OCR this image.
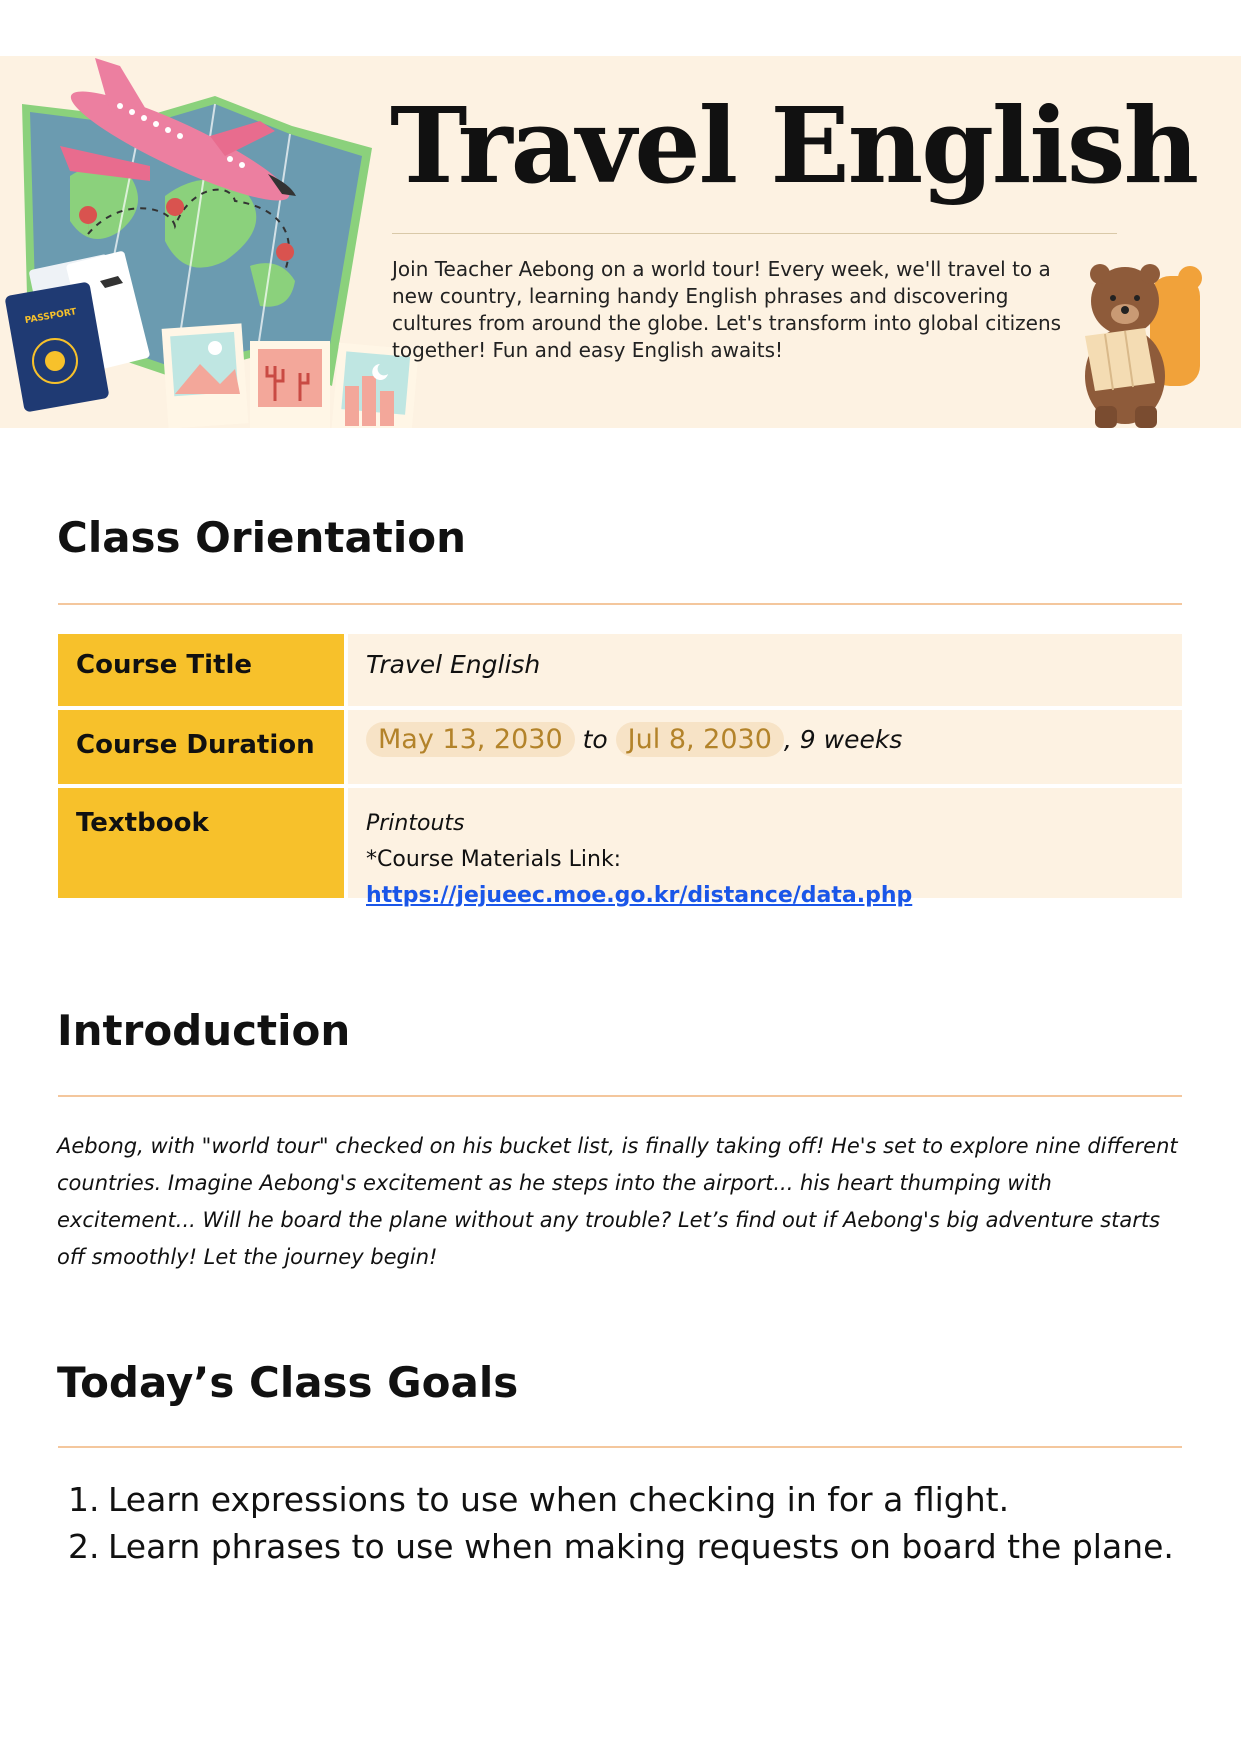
PASSPORT
Travel English
Join Teacher Aebong on a world tour! Every week, we'll travel to a new country, learning handy English phrases and discovering cultures from around the globe. Let's transform into global citizens together! Fun and easy English awaits!
Class Orientation
Course Title	Travel English
Course Duration	May 13, 2030 to Jul 8, 2030 , 9 weeks
Textbook	Printouts
*Course Materials Link: https://jejueec.moe.go.kr/distance/data.php
Introduction
Aebong, with "world tour" checked on his bucket list, is finally taking off! He's set to explore nine different countries. Imagine Aebong's excitement as he steps into the airport... his heart thumping with excitement... Will he board the plane without any trouble? Let’s find out if Aebong's big adventure starts off smoothly! Let the journey begin!
Today’s Class Goals
1. Learn expressions to use when checking in for a flight.
2. Learn phrases to use when making requests on board the plane.
